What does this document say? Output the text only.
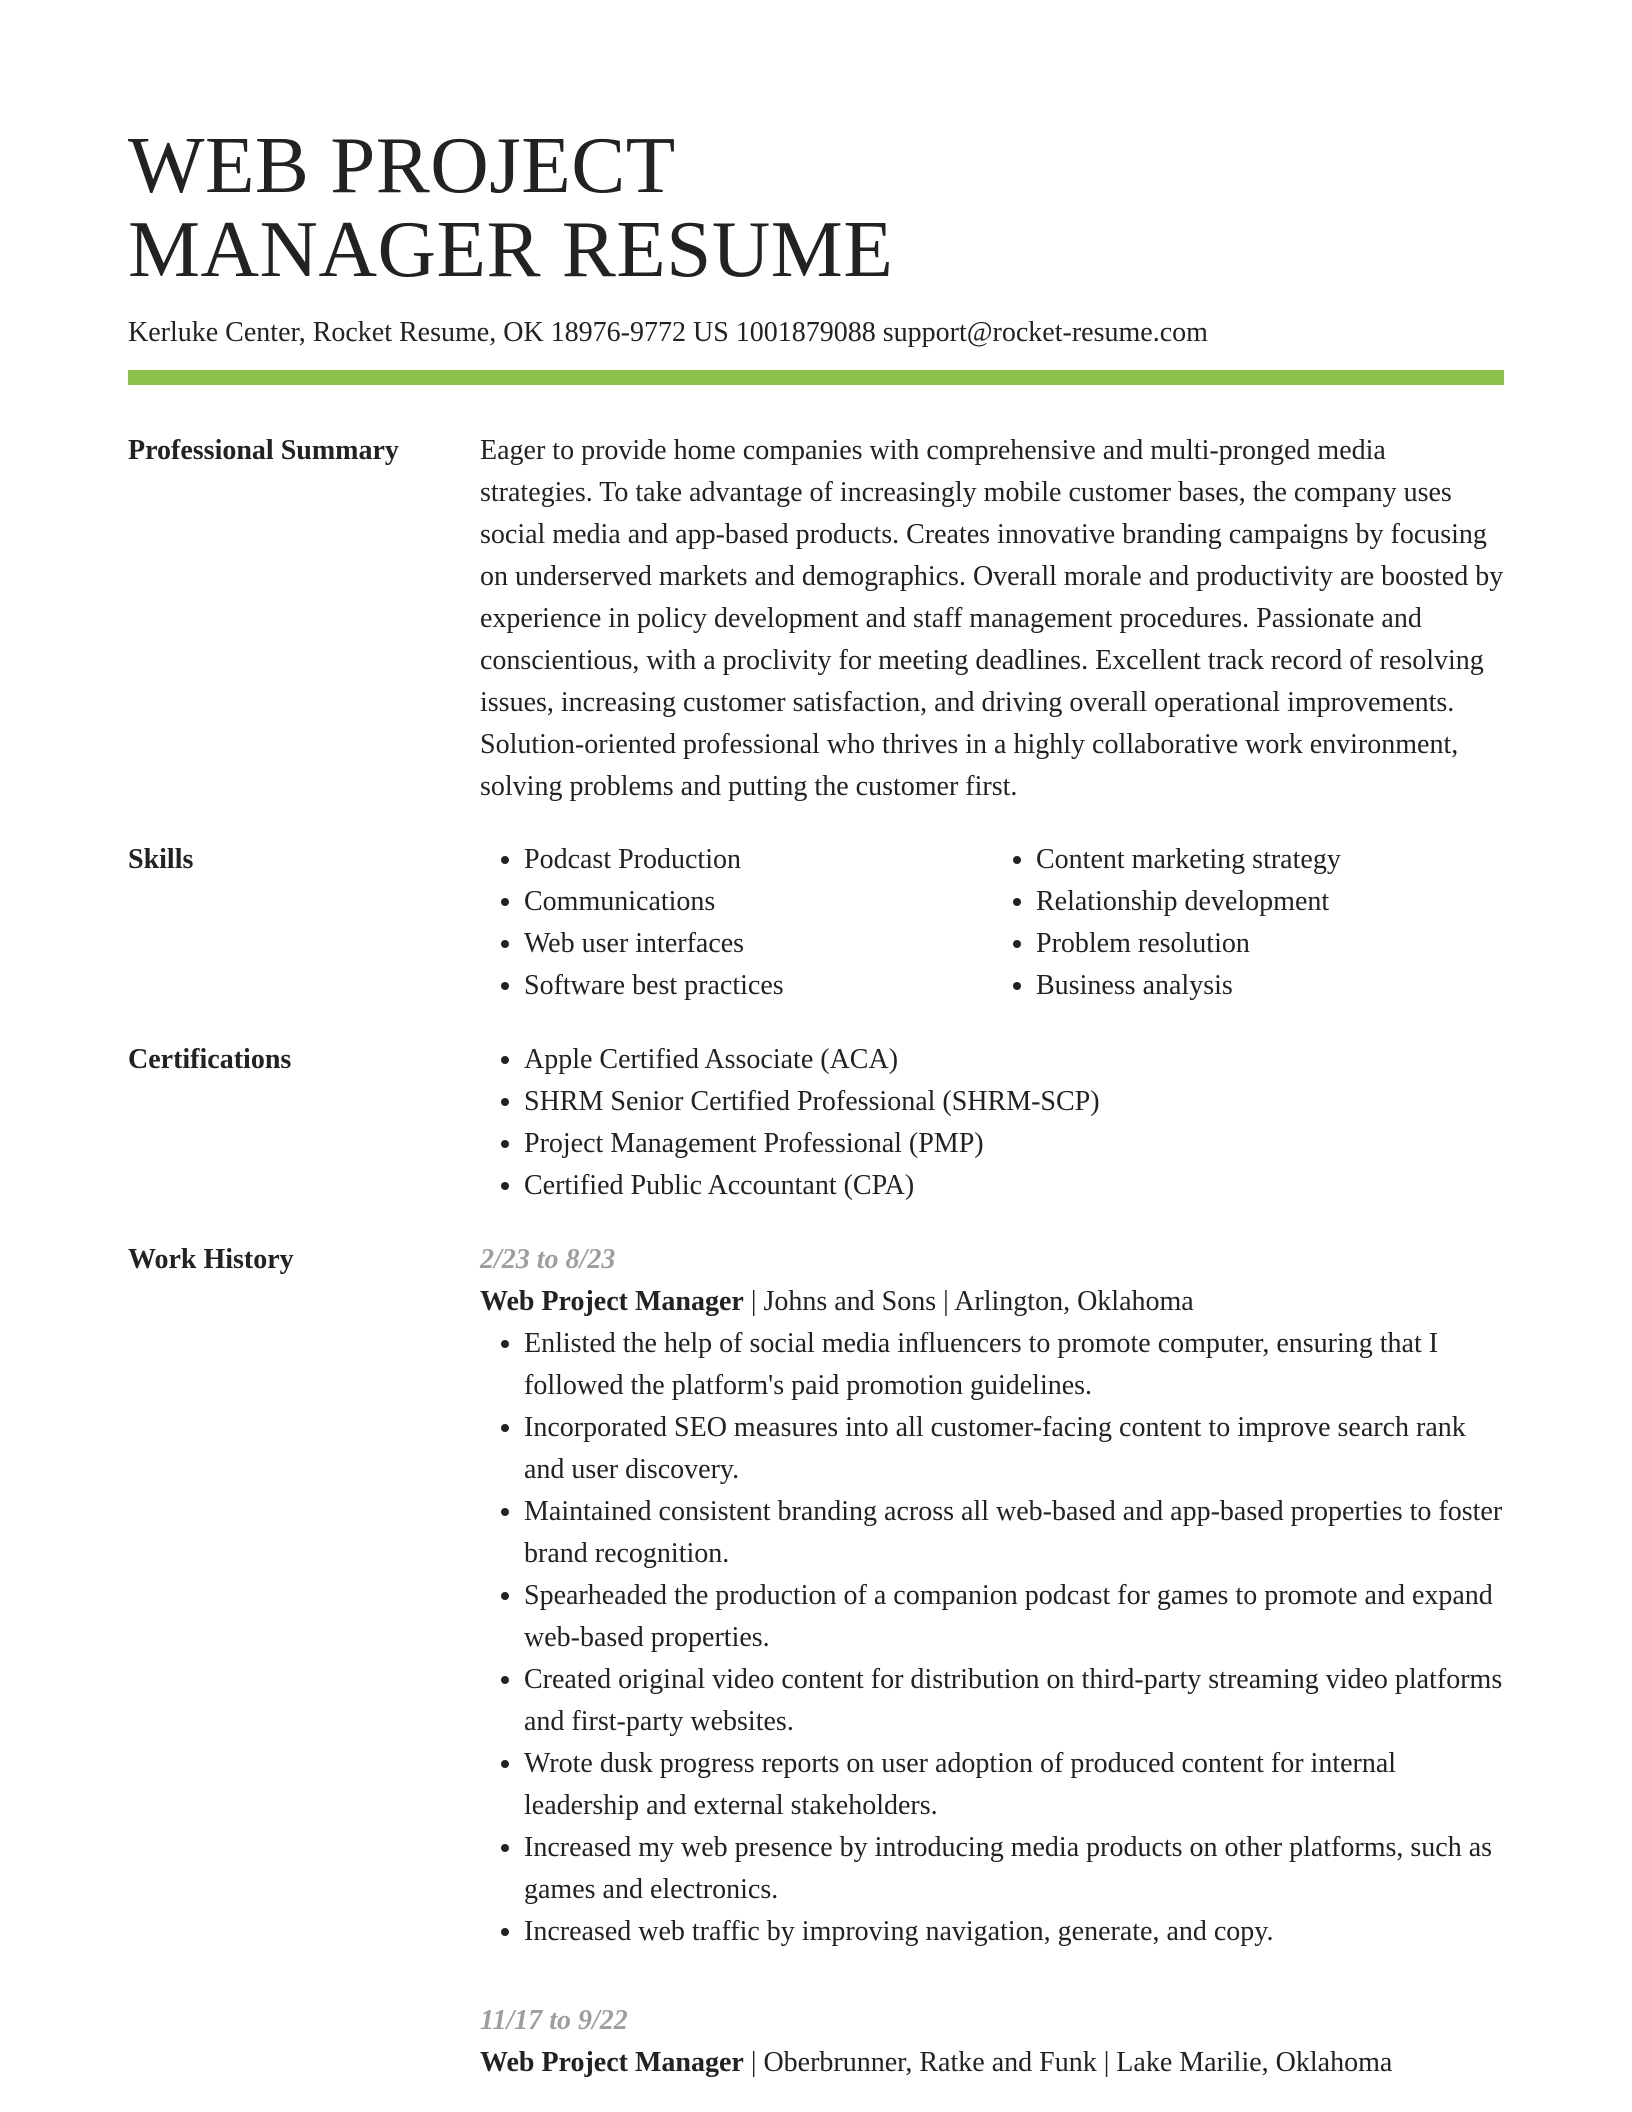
WEB PROJECT
MANAGER RESUME
Kerluke Center, Rocket Resume, OK 18976-9772 US 1001879088 support@rocket-resume.com
Professional Summary	Eager to provide home companies with comprehensive and multi-pronged media strategies. To take advantage of increasingly mobile customer bases, the company uses social media and app-based products. Creates innovative branding campaigns by focusing on underserved markets and demographics. Overall morale and productivity are boosted by experience in policy development and staff management procedures. Passionate and conscientious, with a proclivity for meeting deadlines. Excellent track record of resolving issues, increasing customer satisfaction, and driving overall operational improvements. Solution-oriented professional who thrives in a highly collaborative work environment, solving problems and putting the customer first.

Skills	• Podcast Production
• Communications
• Web user interfaces
• Software best practices
• Content marketing strategy
• Relationship development
• Problem resolution
• Business analysis
Certifications	• Apple Certified Associate (ACA)
• SHRM Senior Certified Professional (SHRM-SCP)
• Project Management Professional (PMP)
• Certified Public Accountant (CPA)
Work History	2/23 to 8/23
Web Project Manager | Johns and Sons | Arlington, Oklahoma
• Enlisted the help of social media influencers to promote computer, ensuring that I followed the platform's paid promotion guidelines.
• Incorporated SEO measures into all customer-facing content to improve search rank and user discovery.
• Maintained consistent branding across all web-based and app-based properties to foster brand recognition.
• Spearheaded the production of a companion podcast for games to promote and expand web-based properties.
• Created original video content for distribution on third-party streaming video platforms and first-party websites.
• Wrote dusk progress reports on user adoption of produced content for internal leadership and external stakeholders.
• Increased my web presence by introducing media products on other platforms, such as games and electronics.
• Increased web traffic by improving navigation, generate, and copy.
11/17 to 9/22
Web Project Manager | Oberbrunner, Ratke and Funk | Lake Marilie, Oklahoma
